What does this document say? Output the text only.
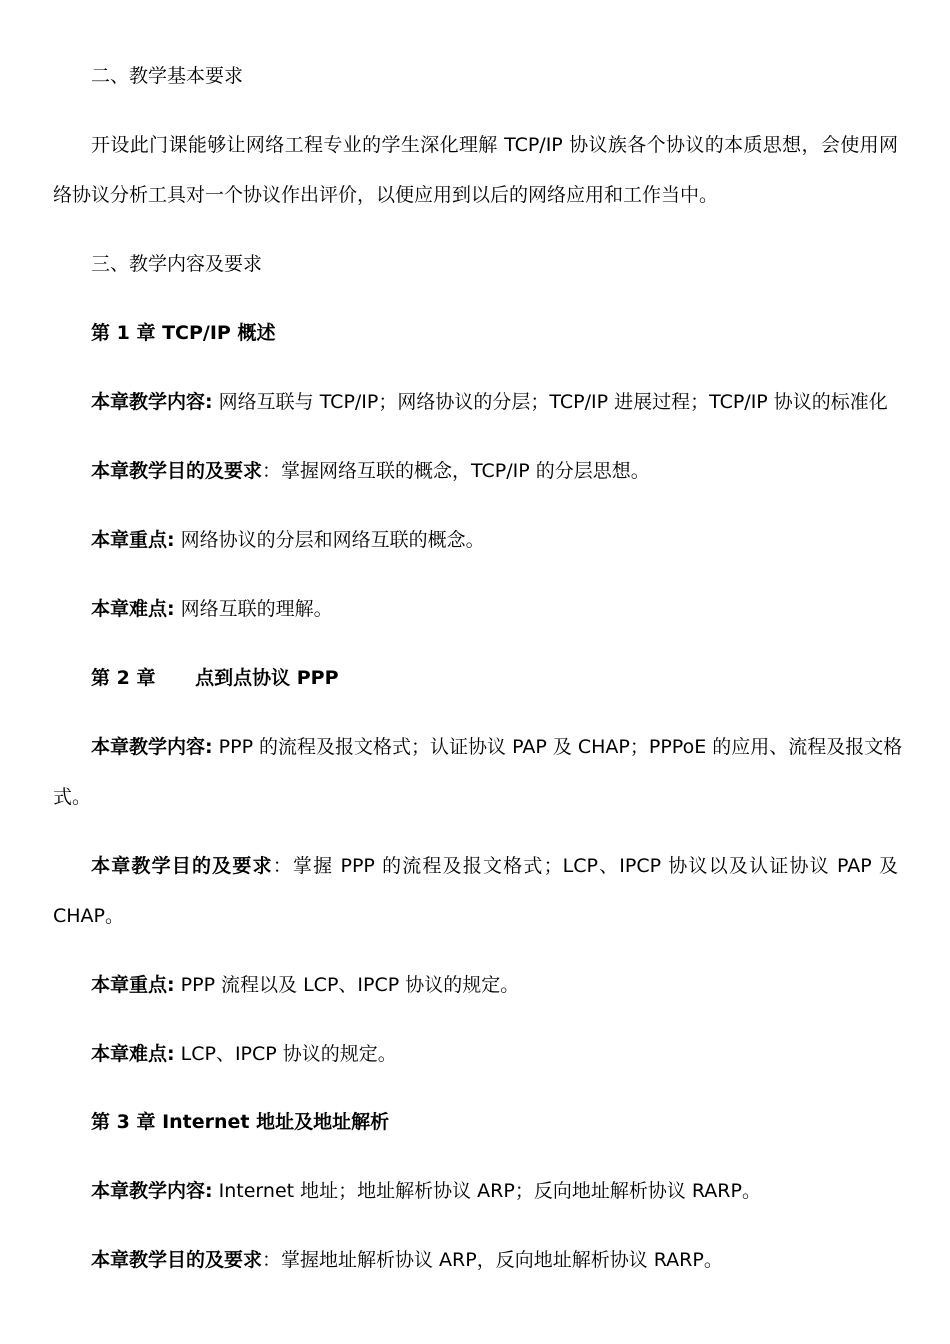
二、教学基本要求
开设此门课能够让网络工程专业的学生深化理解 TCP/IP 协议族各个协议的本质思想，会使用网
络协议分析工具对一个协议作出评价，以便应用到以后的网络应用和工作当中。
三、教学内容及要求
第 1 章 TCP/IP 概述
本章教学内容: 网络互联与 TCP/IP；网络协议的分层；TCP/IP 进展过程；TCP/IP 协议的标准化
本章教学目的及要求：掌握网络互联的概念，TCP/IP 的分层思想。
本章重点: 网络协议的分层和网络互联的概念。
本章难点: 网络互联的理解。
第 2 章      点到点协议 PPP
本章教学内容: PPP 的流程及报文格式；认证协议 PAP 及 CHAP；PPPoE 的应用、流程及报文格
式。
本章教学目的及要求：掌握 PPP 的流程及报文格式；LCP、IPCP 协议以及认证协议 PAP 及
CHAP。
本章重点: PPP 流程以及 LCP、IPCP 协议的规定。
本章难点: LCP、IPCP 协议的规定。
第 3 章 Internet 地址及地址解析
本章教学内容: Internet 地址；地址解析协议 ARP；反向地址解析协议 RARP。
本章教学目的及要求：掌握地址解析协议 ARP，反向地址解析协议 RARP。
